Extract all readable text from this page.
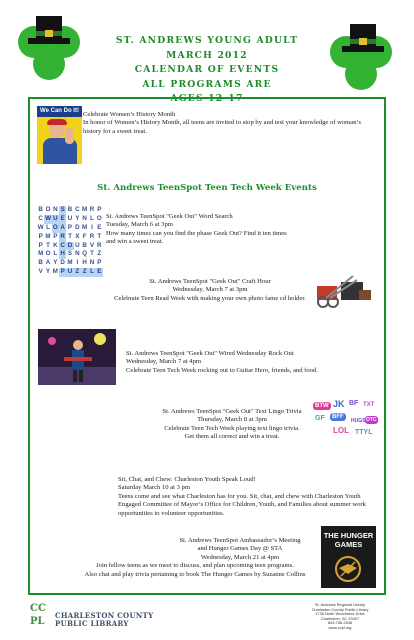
ST. ANDREWS YOUNG ADULT
MARCH 2012
CALENDAR OF EVENTS
ALL PROGRAMS ARE
AGES 12-17
We Can Do It! Celebrate Women’s History Month
In honor of Women’s History Month, all teens are invited to stop by and test your knowledge of woman’s history for a sweet treat.
St. Andrews TeenSpot Teen Tech Week Events
B O N S B C M R P
C W U E U Y N L O
W L O A P D M I E
P M P R T X F R T
P T K C D U B V R
M O L H S N Q T Z
B A Y D M I H N P
V Y M P U Z Z L E
St. Andrews TeenSpot "Geek Out" Word Search
Tuesday, March 6 at 3pm
How many times can you find the phase Geek Out? Find it ten times and win a sweet treat.
St. Andrews TeenSpot "Geek Out" Craft Hour
Wednesday, March 7 at 3pm
Celebrate Teen Read Week with making your own photo fame cd holder.
St. Andrews TeenSpot "Geek Out" Wired Wednesday Rock Out
Wednesday, March 7 at 4pm
Celebrate Teen Tech Week rocking out to Guitar Hero, friends, and food.
St. Andrews TeenSpot "Geek Out" Text Lingo Trivia
Thursday, March 8 at 3pm
Celebrate Teen Tech Week playing text lingo trivia.
Get them all correct and win a treat.
BTW JK BF TXT
GF	BFF
LOL
HUGS OTC
TTYL
Sit, Chat, and Chew: Charleston Youth Speak Loud!
Saturday March 10 at 3 pm
Teens come and see what Charleston has for you. Sit, chat, and chew with Charleston Youth Engaged Committee of Mayor’s Office for Children, Youth, and Families about summer work opportunities to volunteer opportunities.
St. Andrews TeenSpot Ambassador’s Meeting
and Hunger Games Day @ STA
Wednesday, March 21 at 4pm
Join fellow teens as we meet to discuss, and plan upcoming teen programs.
Also chat and play trivia pertaining to book The Hunger Games by Suzanne Collins
THE HUNGER GAMES
CC PL
CHARLESTON COUNTY
PUBLIC LIBRARY
St. Andrews Regional Library
Charleston County Public Library
1735 North Woodmere Drive
Charleston, SC 29407
843-766-2546
www.ccpl.org
